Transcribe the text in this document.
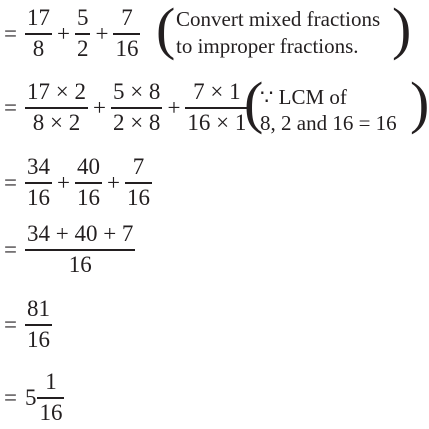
= $\frac{17}{8} + \frac{5}{2} + \frac{7}{16}$ ( Convert mixed fractions
to improper fractions. )
= $\frac{17 \times 2}{8 \times 2} + \frac{5 \times 8}{2 \times 8} + \frac{7 \times 1}{16 \times 1}$
(
∵ LCM of
8, 2 and 16 = 16 )
= $\frac{34}{16} + \frac{40}{16} + \frac{7}{16}$
= $\frac{34 + 40 + 7}{16}$
= $\frac{81}{16}$
= $5 \frac{1}{16}$
